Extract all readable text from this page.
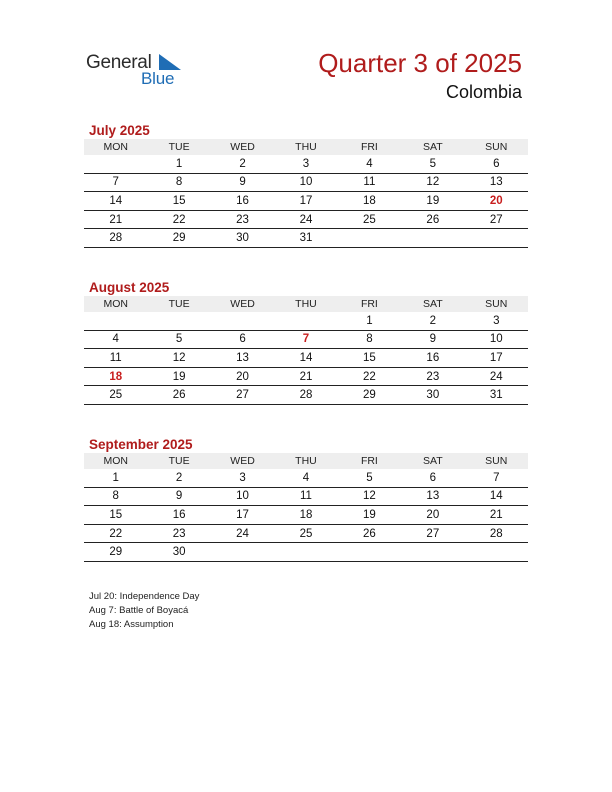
General
Blue
Quarter 3 of 2025
Colombia
July 2025
MON	TUE	WED	THU	FRI	SAT	SUN
	1	2	3	4	5	6
7	8	9	10	11	12	13
14	15	16	17	18	19	20
21	22	23	24	25	26	27
28	29	30	31			
August 2025
MON	TUE	WED	THU	FRI	SAT	SUN
				1	2	3
4	5	6	7	8	9	10
11	12	13	14	15	16	17
18	19	20	21	22	23	24
25	26	27	28	29	30	31
September 2025
MON	TUE	WED	THU	FRI	SAT	SUN
1	2	3	4	5	6	7
8	9	10	11	12	13	14
15	16	17	18	19	20	21
22	23	24	25	26	27	28
29	30					
Jul 20: Independence Day
Aug 7: Battle of Boyacá
Aug 18: Assumption
